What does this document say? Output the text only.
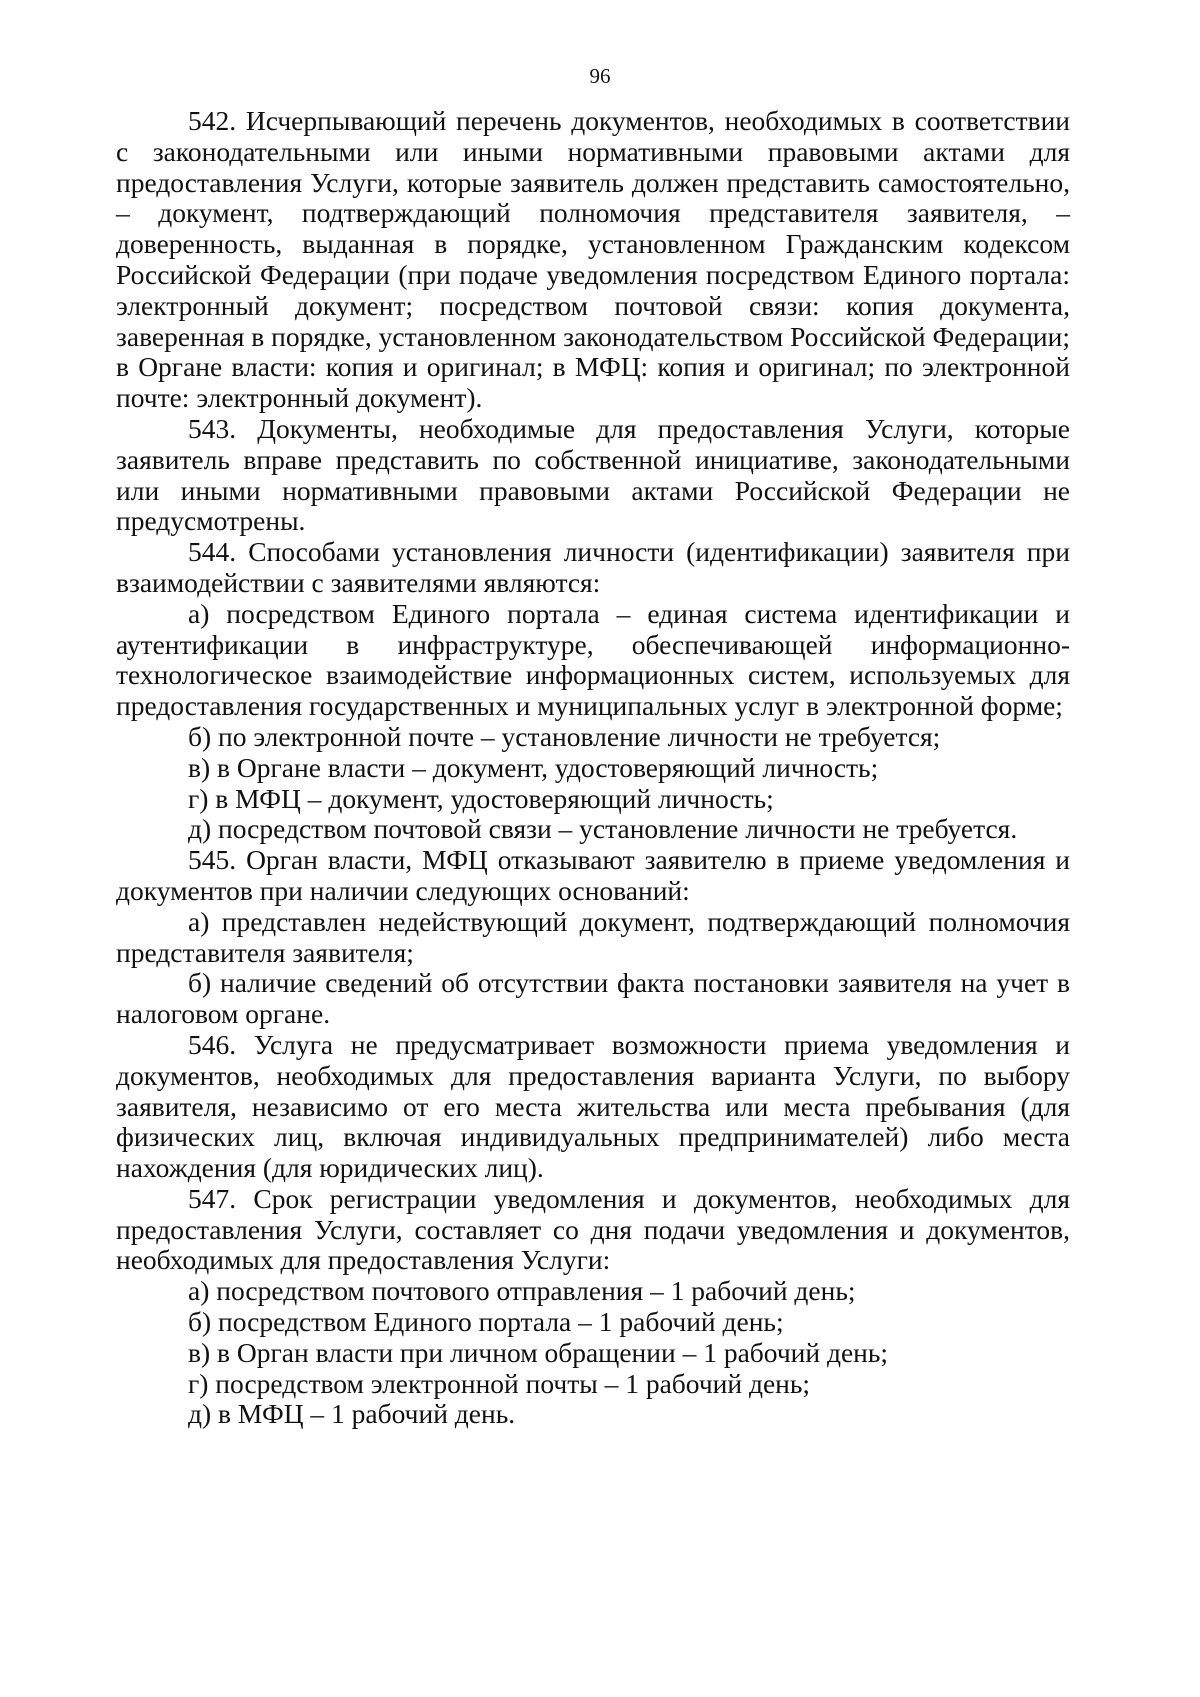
96

542. Исчерпывающий перечень документов, необходимых в соответствии с законодательными или иными нормативными правовыми актами для предоставления Услуги, которые заявитель должен представить самостоятельно, – документ, подтверждающий полномочия представителя заявителя, – доверенность, выданная в порядке, установленном Гражданским кодексом Российской Федерации (при подаче уведомления посредством Единого портала: электронный документ; посредством почтовой связи: копия документа, заверенная в порядке, установленном законодательством Российской Федерации; в Органе власти: копия и оригинал; в МФЦ: копия и оригинал; по электронной почте: электронный документ).

543. Документы, необходимые для предоставления Услуги, которые заявитель вправе представить по собственной инициативе, законодательными или иными нормативными правовыми актами Российской Федерации не предусмотрены.

544. Способами установления личности (идентификации) заявителя при взаимодействии с заявителями являются:

а) посредством Единого портала – единая система идентификации и аутентификации в инфраструктуре, обеспечивающей информационно-технологическое взаимодействие информационных систем, используемых для предоставления государственных и муниципальных услуг в электронной форме;

б) по электронной почте – установление личности не требуется;

в) в Органе власти – документ, удостоверяющий личность;

г) в МФЦ – документ, удостоверяющий личность;

д) посредством почтовой связи – установление личности не требуется.

545. Орган власти, МФЦ отказывают заявителю в приеме уведомления и документов при наличии следующих оснований:

а) представлен недействующий документ, подтверждающий полномочия представителя заявителя;

б) наличие сведений об отсутствии факта постановки заявителя на учет в налоговом органе.

546. Услуга не предусматривает возможности приема уведомления и документов, необходимых для предоставления варианта Услуги, по выбору заявителя, независимо от его места жительства или места пребывания (для физических лиц, включая индивидуальных предпринимателей) либо места нахождения (для юридических лиц).

547. Срок регистрации уведомления и документов, необходимых для предоставления Услуги, составляет со дня подачи уведомления и документов, необходимых для предоставления Услуги:

а) посредством почтового отправления – 1 рабочий день;

б) посредством Единого портала – 1 рабочий день;

в) в Орган власти при личном обращении – 1 рабочий день;

г) посредством электронной почты – 1 рабочий день;

д) в МФЦ – 1 рабочий день.
